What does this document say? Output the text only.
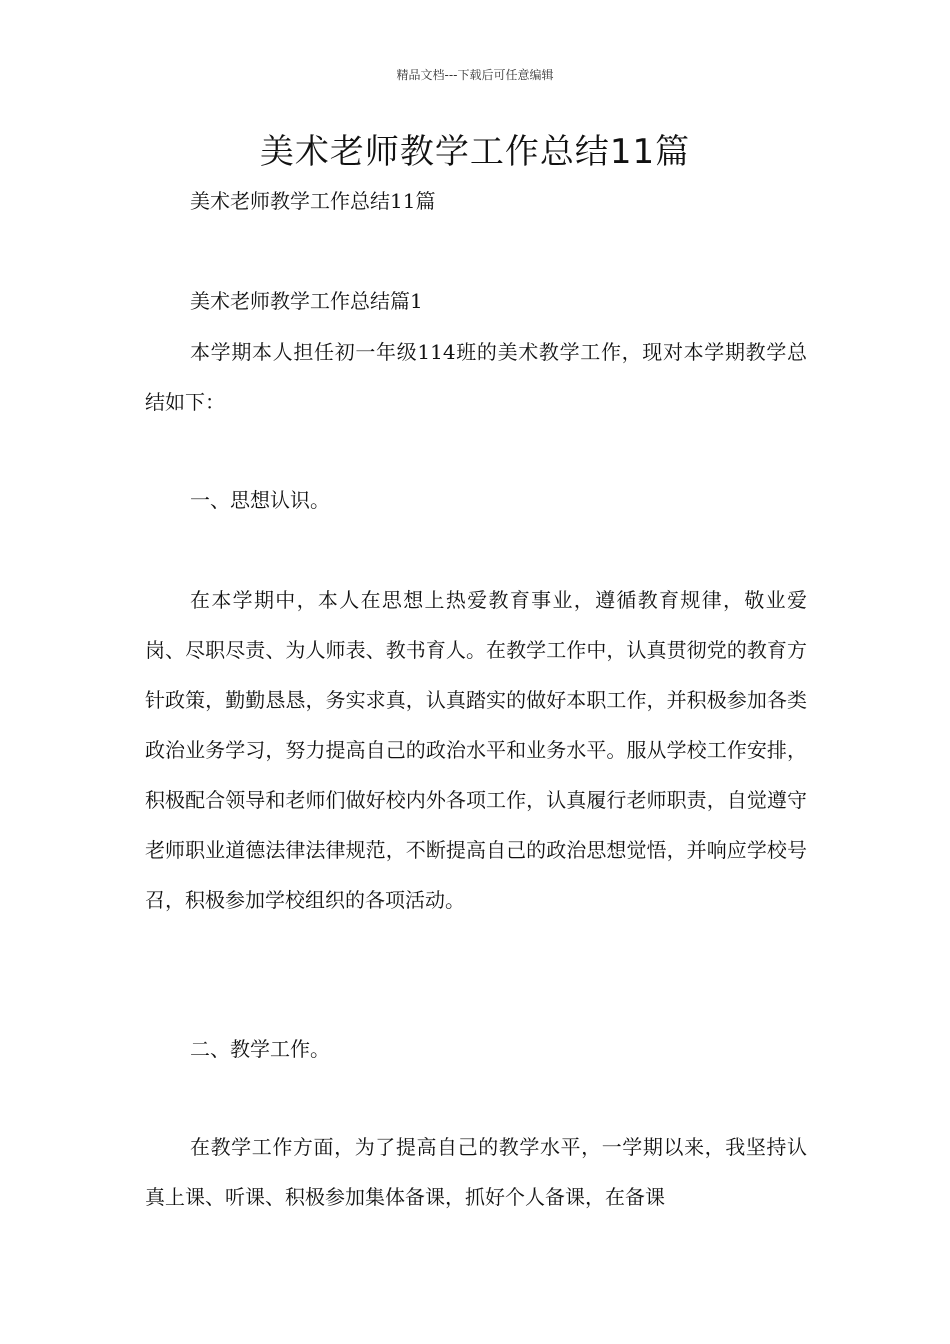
精品文档---下载后可任意编辑
美术老师教学工作总结11篇

美术老师教学工作总结11篇

美术老师教学工作总结篇1

本学期本人担任初一年级114班的美术教学工作，现对本学期教学总结如下：

一、思想认识。

在本学期中，本人在思想上热爱教育事业，遵循教育规律，敬业爱岗、尽职尽责、为人师表、教书育人。在教学工作中，认真贯彻党的教育方针政策，勤勤恳恳，务实求真，认真踏实的做好本职工作，并积极参加各类政治业务学习，努力提高自己的政治水平和业务水平。服从学校工作安排，积极配合领导和老师们做好校内外各项工作，认真履行老师职责，自觉遵守老师职业道德法律法律规范，不断提高自己的政治思想觉悟，并响应学校号召，积极参加学校组织的各项活动。

二、教学工作。

在教学工作方面，为了提高自己的教学水平，一学期以来，我坚持认真上课、听课、积极参加集体备课，抓好个人备课，在备课
